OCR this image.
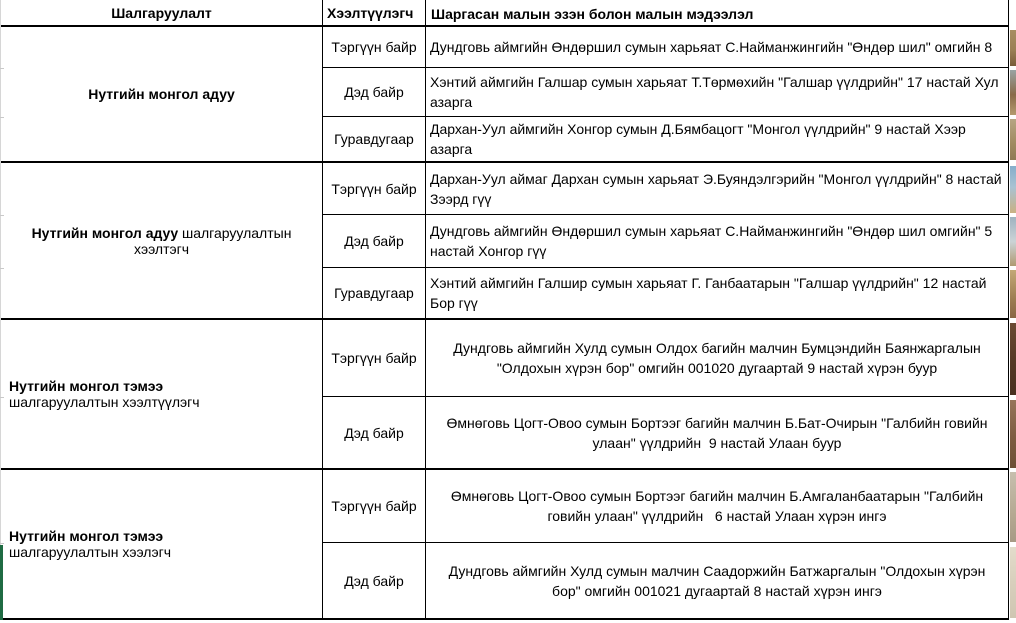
Шалгаруулалт	Хээлтүүлэгч	Шаргасан малын эзэн болон малын мэдээлэл
Нутгийн монгол адуу
Тэргүүн байр Дундговь аймгийн Өндөршил сумын харьяат С.Найманжингийн "Өндөр шил" омгийн 8
Дэд байр
Хэнтий аймгийн Галшар сумын харьяат Т.Төрмөхийн "Галшар үүлдрийн" 17 настай Хул азарга
Гуравдугаар
Дархан-Уул аймгийн Хонгор сумын Д.Бямбацогт "Монгол үүлдрийн" 9 настай Хээр азарга
Нутгийн монгол адуу шалгаруулалтын хээлтэгч
Тэргүүн байр
Дархан-Уул аймаг Дархан сумын харьяат Э.Буяндэлгэрийн "Монгол үүлдрийн" 8 настай Зээрд гүү
Дэд байр
Дундговь аймгийн Өндөршил сумын харьяат С.Найманжингийн "Өндөр шил омгийн" 5 настай Хонгор гүү
Гуравдугаар
Хэнтий аймгийн Галшир сумын харьяат Г. Ганбаатарын "Галшар үүлдрийн" 12 настай Бор гүү
Нутгийн монгол тэмээ шалгаруулалтын хээлтүүлэгч
Тэргүүн байр
Дундговь аймгийн Хулд сумын Олдох багийн малчин Бумцэндийн Баянжаргалын "Олдохын хүрэн бор" омгийн 001020 дугаартай 9 настай хүрэн буур
Дэд байр
Өмнөговь Цогт-Овоо сумын Бортээг багийн малчин Б.Бат-Очирын "Галбийн говийн улаан" үүлдрийн  9 настай Улаан буур
Нутгийн монгол тэмээ шалгаруулалтын хээлэгч
Тэргүүн байр
Өмнөговь Цогт-Овоо сумын Бортээг багийн малчин Б.Амгаланбаатарын "Галбийн говийн улаан" үүлдрийн   6 настай Улаан хүрэн ингэ
Дэд байр
Дундговь аймгийн Хулд сумын малчин Саадоржийн Батжаргалын "Олдохын хүрэн бор" омгийн 001021 дугаартай 8 настай хүрэн ингэ
